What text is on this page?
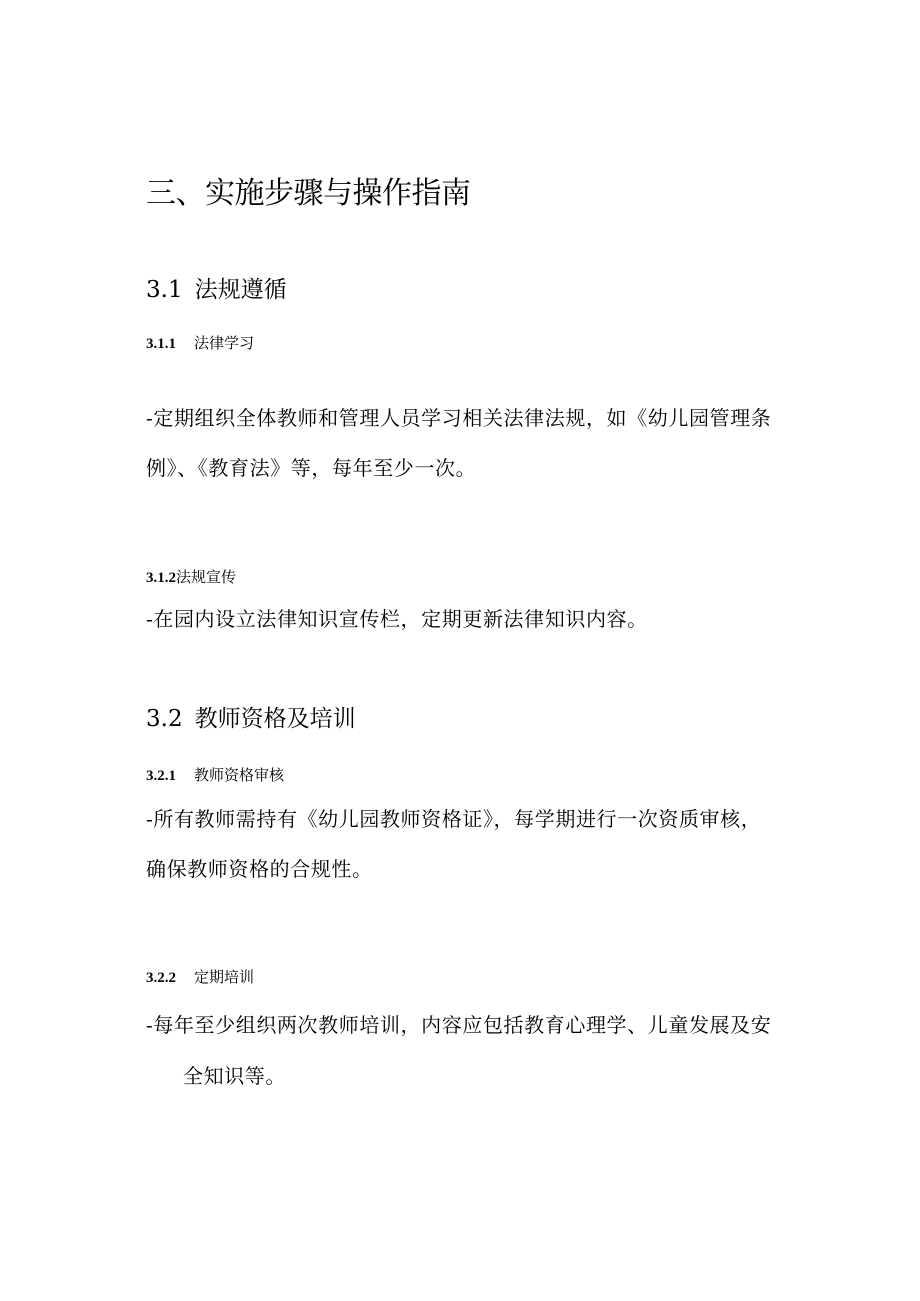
三、实施步骤与操作指南
3.1 法规遵循
3.1.1 法律学习
-定期组织全体教师和管理人员学习相关法律法规，如《幼儿园管理条
例》、《教育法》等，每年至少一次。
3.1.2法规宣传
-在园内设立法律知识宣传栏，定期更新法律知识内容。
3.2 教师资格及培训
3.2.1 教师资格审核
-所有教师需持有《幼儿园教师资格证》，每学期进行一次资质审核，
确保教师资格的合规性。
3.2.2 定期培训
-每年至少组织两次教师培训，内容应包括教育心理学、儿童发展及安
全知识等。
